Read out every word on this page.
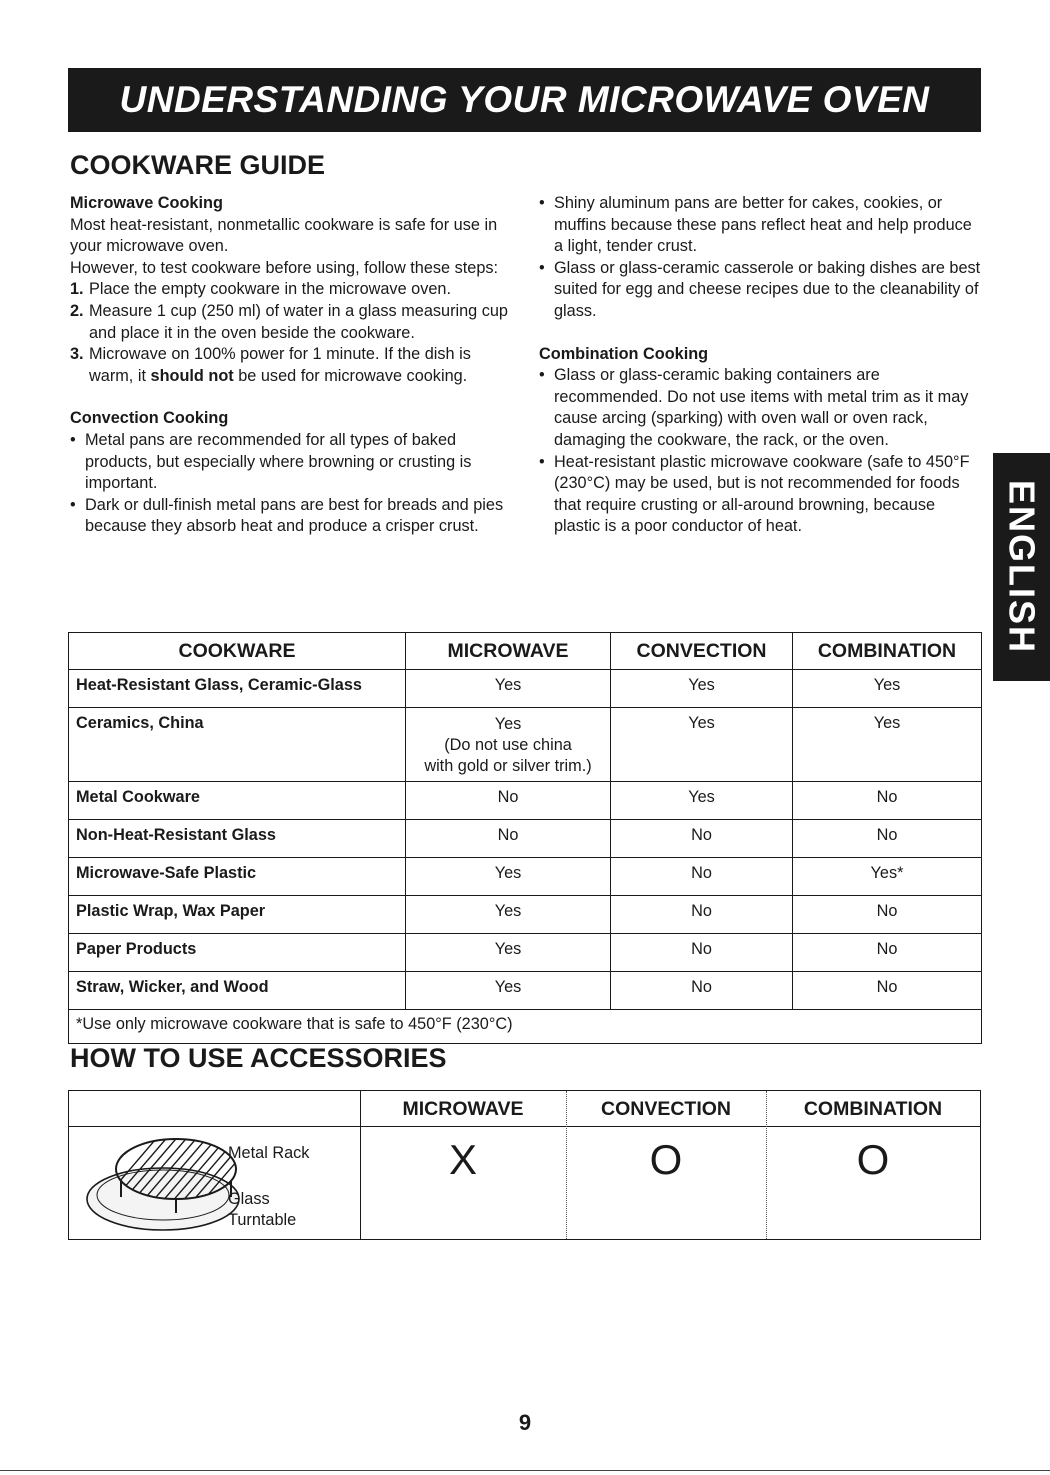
UNDERSTANDING YOUR MICROWAVE OVEN
COOKWARE GUIDE

Microwave Cooking

Most heat-resistant, nonmetallic cookware is safe for use in your microwave oven.

However, to test cookware before using, follow these steps:

1. Place the empty cookware in the microwave oven.
2. Measure 1 cup (250 ml) of water in a glass measuring cup and place it in the oven beside the cookware.
3. Microwave on 100% power for 1 minute. If the dish is warm, it should not be used for microwave cooking.

Convection Cooking

• Metal pans are recommended for all types of baked products, but especially where browning or crusting is important.
• Dark or dull-finish metal pans are best for breads and pies because they absorb heat and produce a crisper crust.
• Shiny aluminum pans are better for cakes, cookies, or muffins because these pans reflect heat and help produce a light, tender crust.
• Glass or glass-ceramic casserole or baking dishes are best suited for egg and cheese recipes due to the cleanability of glass.

Combination Cooking

• Glass or glass-ceramic baking containers are recommended. Do not use items with metal trim as it may cause arcing (sparking) with oven wall or oven rack, damaging the cookware, the rack, or the oven.
• Heat-resistant plastic microwave cookware (safe to 450°F (230°C) may be used, but is not recommended for foods that require crusting or all-around browning, because plastic is a poor conductor of heat.
COOKWARE	MICROWAVE	CONVECTION	COMBINATION
Heat-Resistant Glass, Ceramic-Glass	Yes	Yes	Yes
Ceramics, China	Yes
(Do not use china
with gold or silver trim.)	Yes	Yes
Metal Cookware	No	Yes	No
Non-Heat-Resistant Glass	No	No	No
Microwave-Safe Plastic	Yes	No	Yes*
Plastic Wrap, Wax Paper	Yes	No	No
Paper Products	Yes	No	No
Straw, Wicker, and Wood	Yes	No	No
*Use only microwave cookware that is safe to 450°F (230°C)			
HOW TO USE ACCESSORIES
MICROWAVE	CONVECTION	COMBINATION
Metal Rack
Glass
Turntable
X	O	O
ENGLISH
9
